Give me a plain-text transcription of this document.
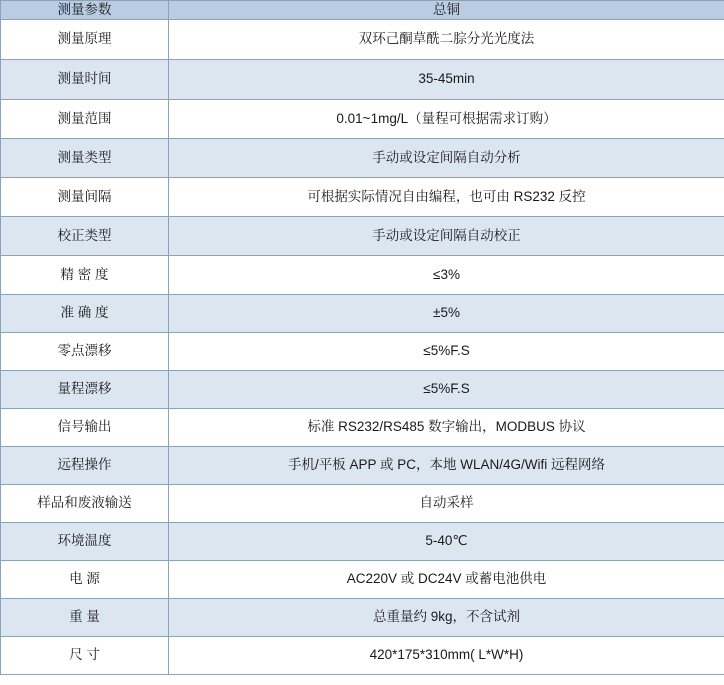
测量参数	总铜
测量原理	双环己酮草酰二腙分光光度法
测量时间	35-45min
测量范围	0.01~1mg/L（量程可根据需求订购）
测量类型	手动或设定间隔自动分析
测量间隔	可根据实际情况自由编程，也可由 RS232 反控
校正类型	手动或设定间隔自动校正
精 密 度	≤3%
准 确 度	±5%
零点漂移	≤5%F.S
量程漂移	≤5%F.S
信号输出	标准 RS232/RS485 数字输出，MODBUS 协议
远程操作	手机/平板 APP 或 PC，本地 WLAN/4G/Wifi 远程网络
样品和废液输送	自动采样
环境温度	5-40℃
电 源	AC220V 或 DC24V 或蓄电池供电
重 量	总重量约 9kg，不含试剂
尺 寸	420*175*310mm( L*W*H)
